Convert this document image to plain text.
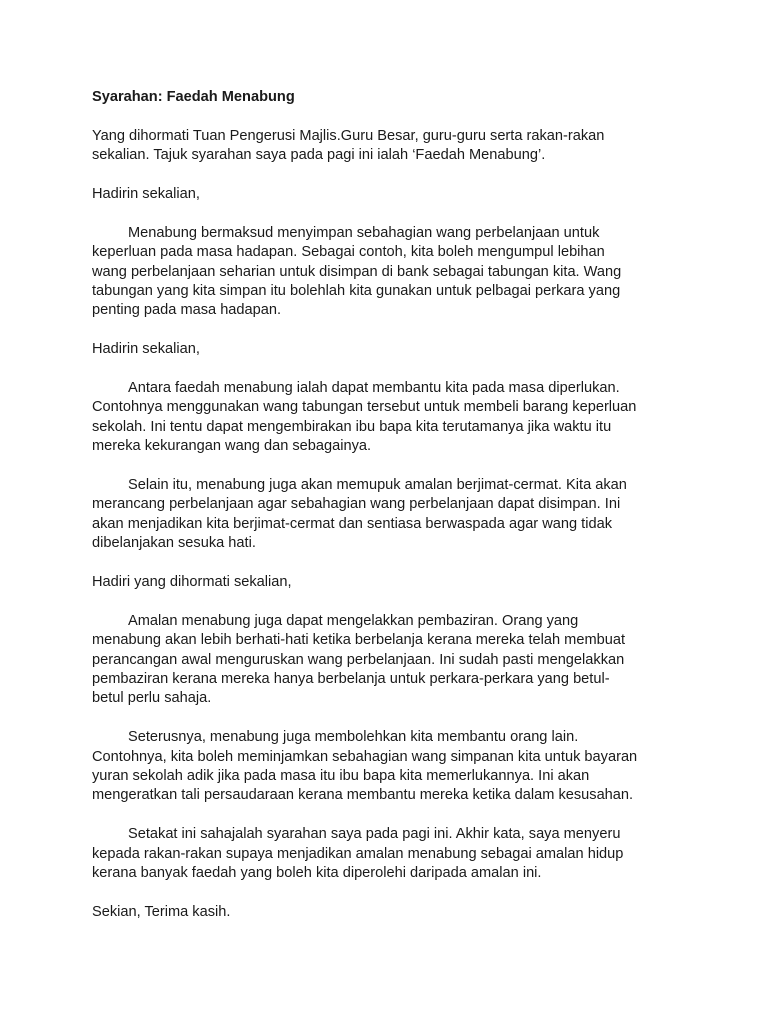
Syarahan: Faedah Menabung
Yang dihormati Tuan Pengerusi Majlis.Guru Besar, guru-guru serta rakan-rakan
sekalian. Tajuk syarahan saya pada pagi ini ialah ‘Faedah Menabung’.
Hadirin sekalian,
Menabung bermaksud menyimpan sebahagian wang perbelanjaan untuk
keperluan pada masa hadapan. Sebagai contoh, kita boleh mengumpul lebihan
wang perbelanjaan seharian untuk disimpan di bank sebagai tabungan kita. Wang
tabungan yang kita simpan itu bolehlah kita gunakan untuk pelbagai perkara yang
penting pada masa hadapan.
Hadirin sekalian,
Antara faedah menabung ialah dapat membantu kita pada masa diperlukan.
Contohnya menggunakan wang tabungan tersebut untuk membeli barang keperluan
sekolah. Ini tentu dapat mengembirakan ibu bapa kita terutamanya jika waktu itu
mereka kekurangan wang dan sebagainya.
Selain itu, menabung juga akan memupuk amalan berjimat-cermat. Kita akan
merancang perbelanjaan agar sebahagian wang perbelanjaan dapat disimpan. Ini
akan menjadikan kita berjimat-cermat dan sentiasa berwaspada agar wang tidak
dibelanjakan sesuka hati.
Hadiri yang dihormati sekalian,
Amalan menabung juga dapat mengelakkan pembaziran. Orang yang
menabung akan lebih berhati-hati ketika berbelanja kerana mereka telah membuat
perancangan awal menguruskan wang perbelanjaan. Ini sudah pasti mengelakkan
pembaziran kerana mereka hanya berbelanja untuk perkara-perkara yang betul-
betul perlu sahaja.
Seterusnya, menabung juga membolehkan kita membantu orang lain.
Contohnya, kita boleh meminjamkan sebahagian wang simpanan kita untuk bayaran
yuran sekolah adik jika pada masa itu ibu bapa kita memerlukannya. Ini akan
mengeratkan tali persaudaraan kerana membantu mereka ketika dalam kesusahan.
Setakat ini sahajalah syarahan saya pada pagi ini. Akhir kata, saya menyeru
kepada rakan-rakan supaya menjadikan amalan menabung sebagai amalan hidup
kerana banyak faedah yang boleh kita diperolehi daripada amalan ini.
Sekian, Terima kasih.
